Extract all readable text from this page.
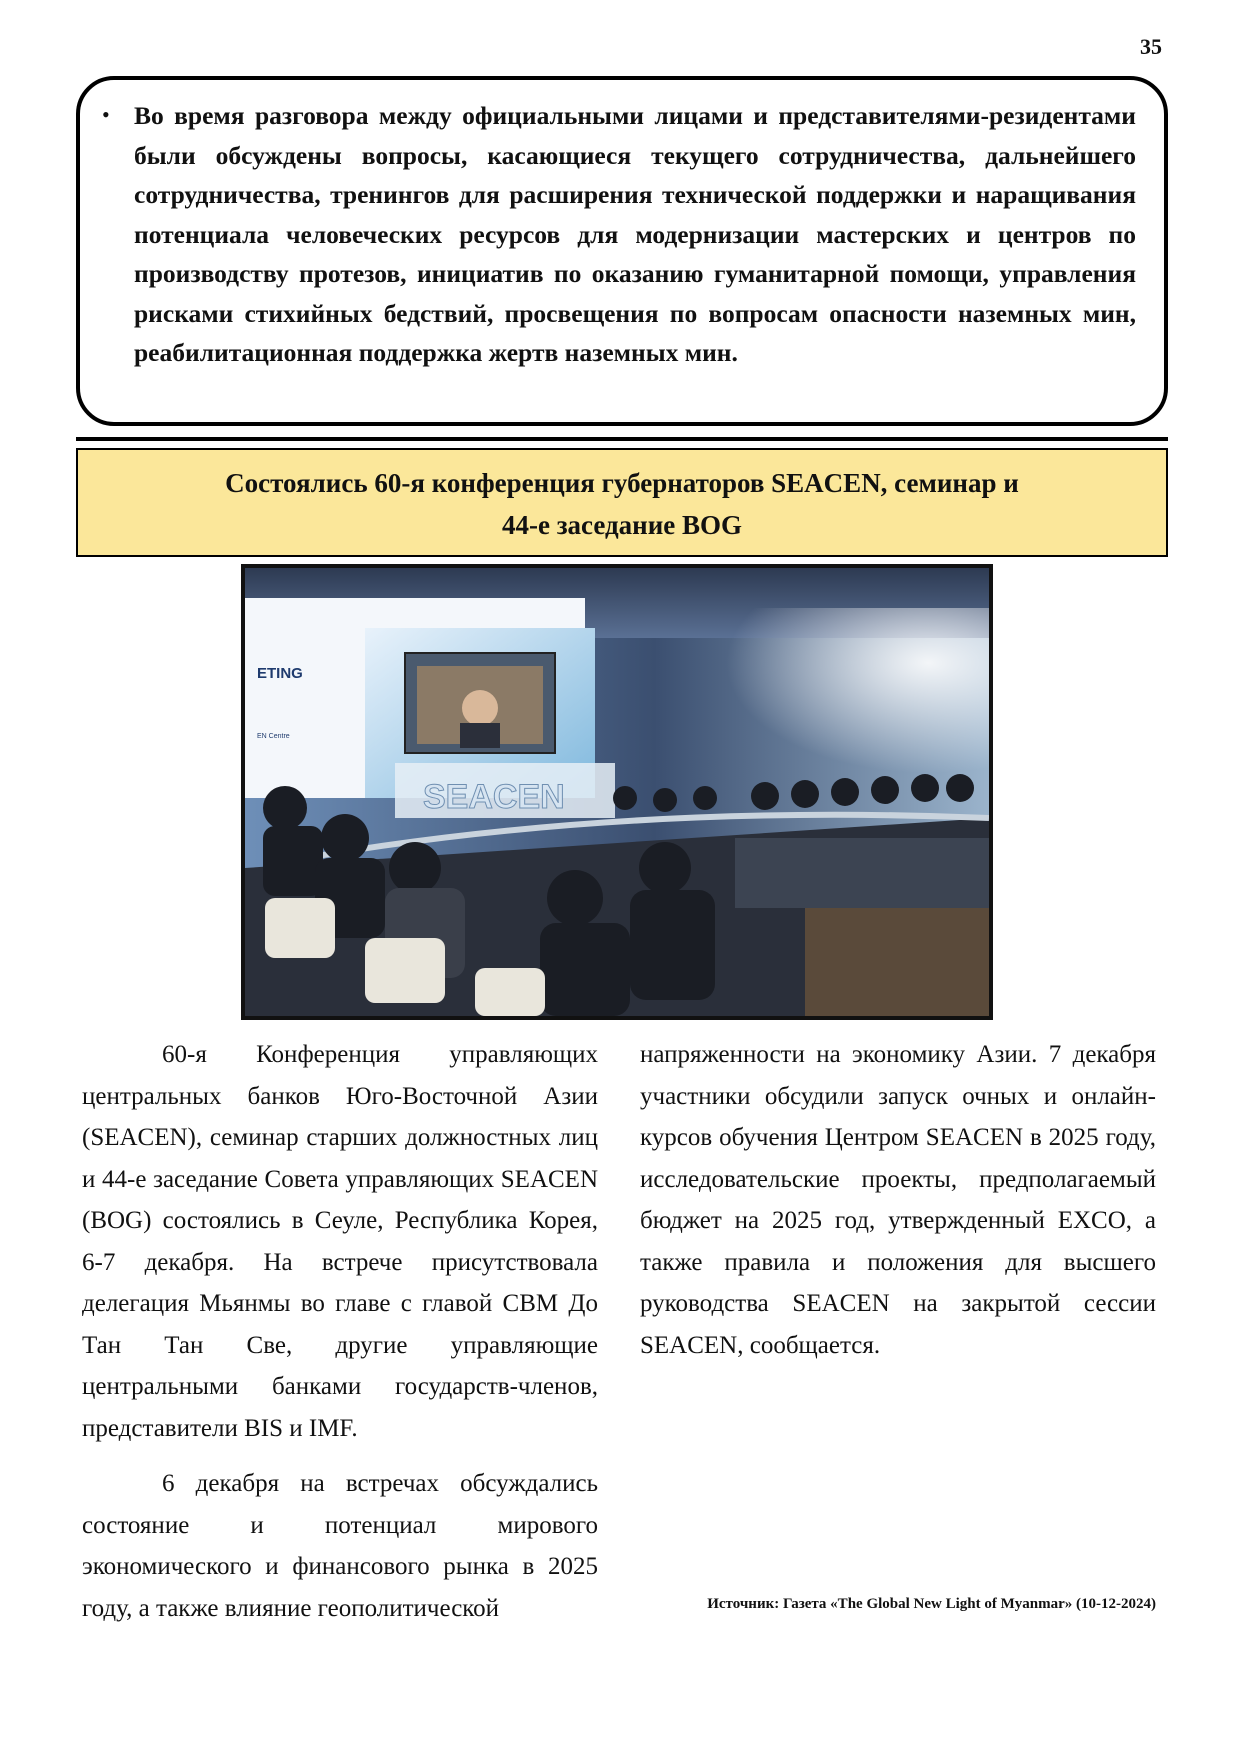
35
• Во время разговора между официальными лицами и представителями-резидентами были обсуждены вопросы, касающиеся текущего сотрудничества, дальнейшего сотрудничества, тренингов для расширения технической поддержки и наращивания потенциала человеческих ресурсов для модернизации мастерских и центров по производству протезов, инициатив по оказанию гуманитарной помощи, управления рисками стихийных бедствий, просвещения по вопросам опасности наземных мин, реабилитационная поддержка жертв наземных мин.
Состоялись 60-я конференция губернаторов SEACEN, семинар и
44-е заседание BOG
ETING
EN Centre
SEACEN

60-я Конференция управляющих центральных банков Юго-Восточной Азии (SEACEN), семинар старших должностных лиц и 44-е заседание Совета управляющих SEACEN (BOG) состоялись в Сеуле, Республика Корея, 6-7 декабря. На встрече присутствовала делегация Мьянмы во главе с главой CBM До Тан Тан Све, другие управляющие центральными банками государств-членов, представители BIS и IMF.

6 декабря на встречах обсуждались состояние и потенциал мирового экономического и финансового рынка в 2025 году, а также влияние геополитической

напряженности на экономику Азии. 7 декабря участники обсудили запуск очных и онлайн-курсов обучения Центром SEACEN в 2025 году, исследовательские проекты, предполагаемый бюджет на 2025 год, утвержденный EXCO, а также правила и положения для высшего руководства SEACEN на закрытой сессии SEACEN, сообщается.

Источник: Газета «The Global New Light of Myanmar» (10-12-2024)
